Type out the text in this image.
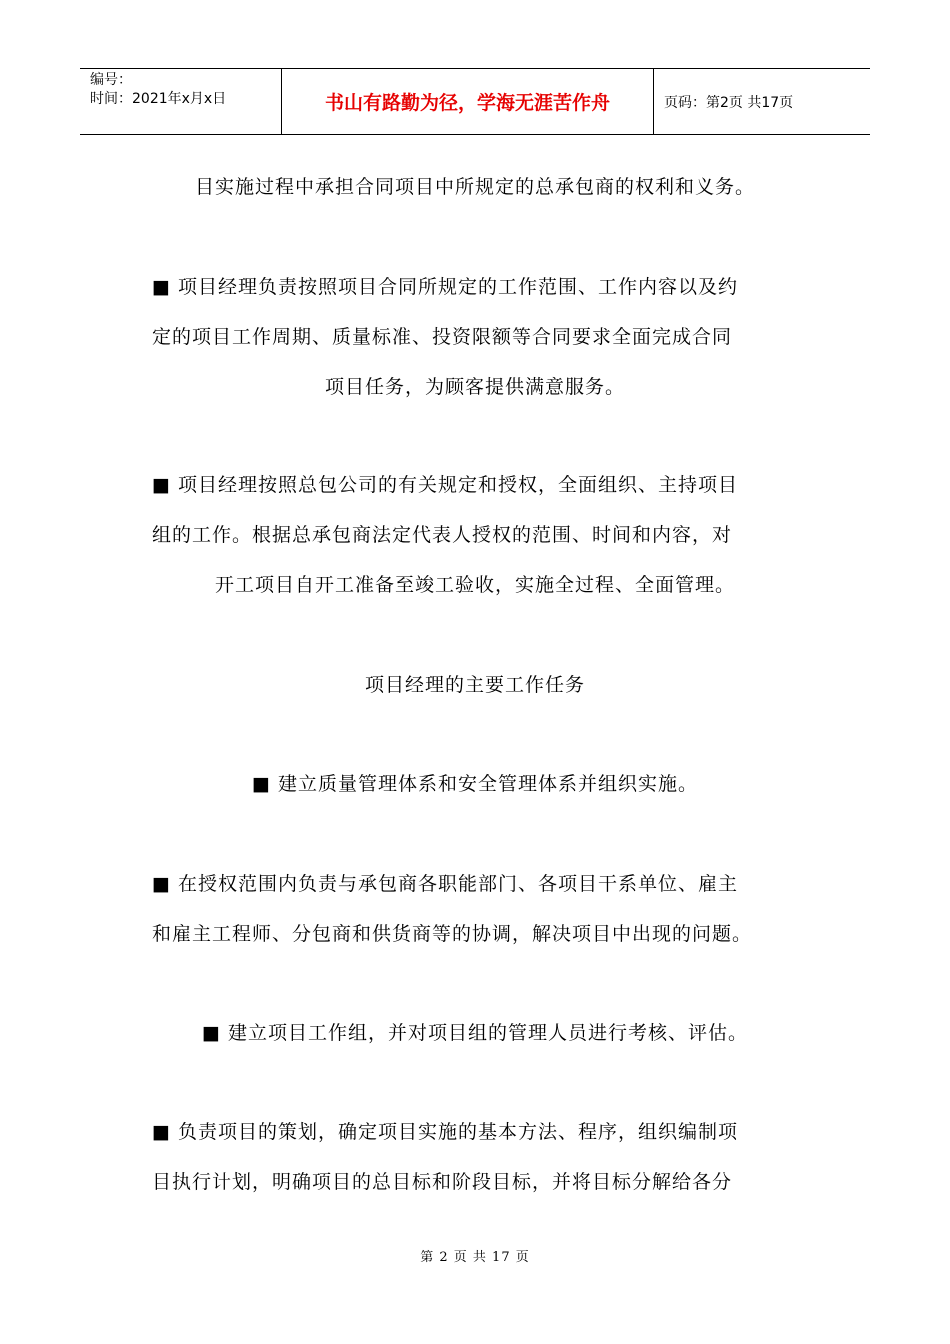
编号：
时间：2021年x月x日	书山有路勤为径，学海无涯苦作舟	页码：第2页 共17页
目实施过程中承担合同项目中所规定的总承包商的权利和义务。
■ 项目经理负责按照项目合同所规定的工作范围、工作内容以及约
定的项目工作周期、质量标准、投资限额等合同要求全面完成合同
项目任务，为顾客提供满意服务。
■ 项目经理按照总包公司的有关规定和授权，全面组织、主持项目
组的工作。根据总承包商法定代表人授权的范围、时间和内容，对
开工项目自开工准备至竣工验收，实施全过程、全面管理。
项目经理的主要工作任务
■ 建立质量管理体系和安全管理体系并组织实施。
■ 在授权范围内负责与承包商各职能部门、各项目干系单位、雇主
和雇主工程师、分包商和供货商等的协调，解决项目中出现的问题。
■ 建立项目工作组，并对项目组的管理人员进行考核、评估。
■ 负责项目的策划，确定项目实施的基本方法、程序，组织编制项
目执行计划，明确项目的总目标和阶段目标，并将目标分解给各分
第 2 页 共 17 页
